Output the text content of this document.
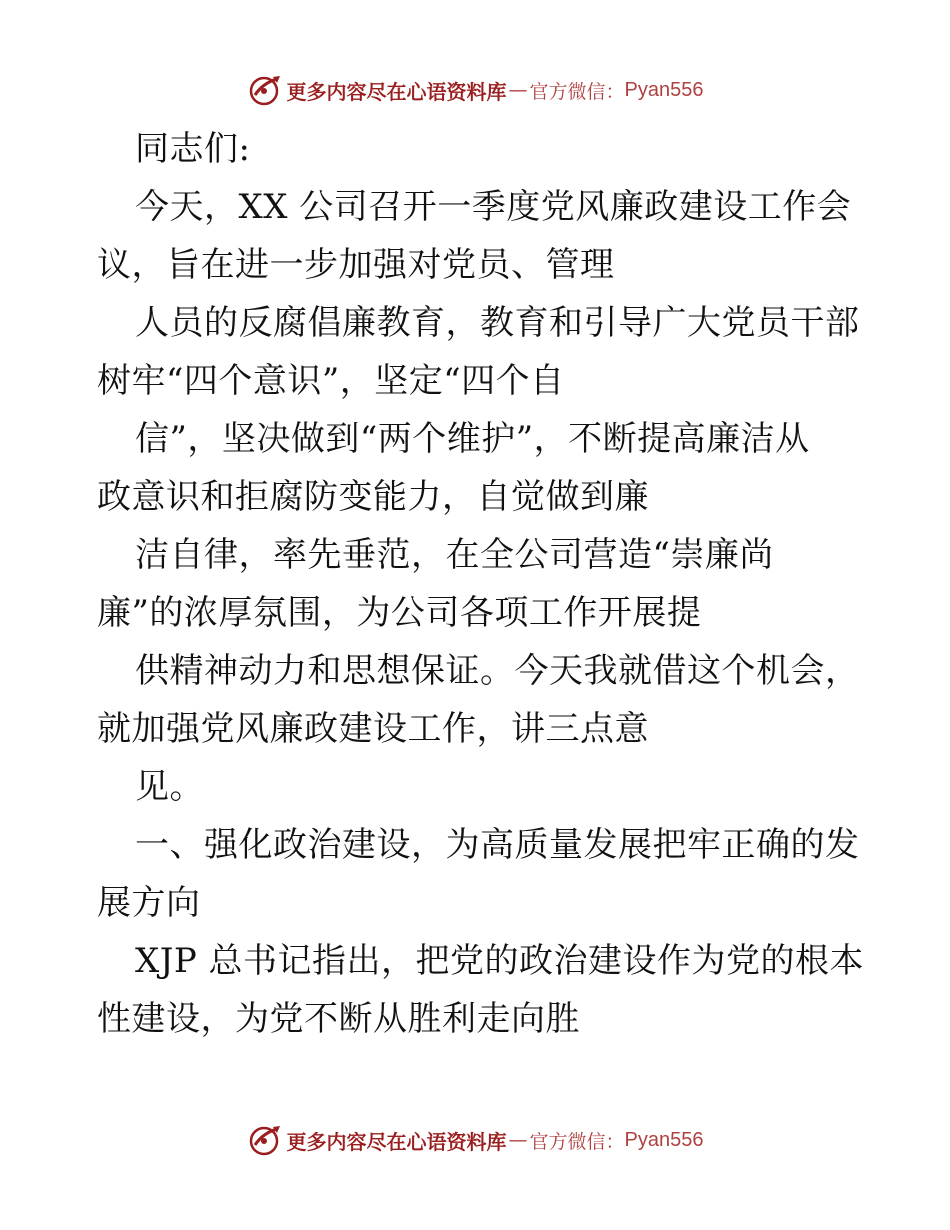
更多内容尽在心语资料库 — 官方微信： Pyan556
同志们:
今天，XX 公司召开一季度党风廉政建设工作会
议，旨在进一步加强对党员、管理
人员的反腐倡廉教育，教育和引导广大党员干部
树牢“四个意识”，坚定“四个自
信”，坚决做到“两个维护”，不断提高廉洁从
政意识和拒腐防变能力，自觉做到廉
洁自律，率先垂范，在全公司营造“崇廉尚
廉”的浓厚氛围，为公司各项工作开展提
供精神动力和思想保证。今天我就借这个机会，
就加强党风廉政建设工作，讲三点意
见。
一、强化政治建设，为高质量发展把牢正确的发
展方向
XJP 总书记指出，把党的政治建设作为党的根本
性建设，为党不断从胜利走向胜
更多内容尽在心语资料库 — 官方微信： Pyan556
